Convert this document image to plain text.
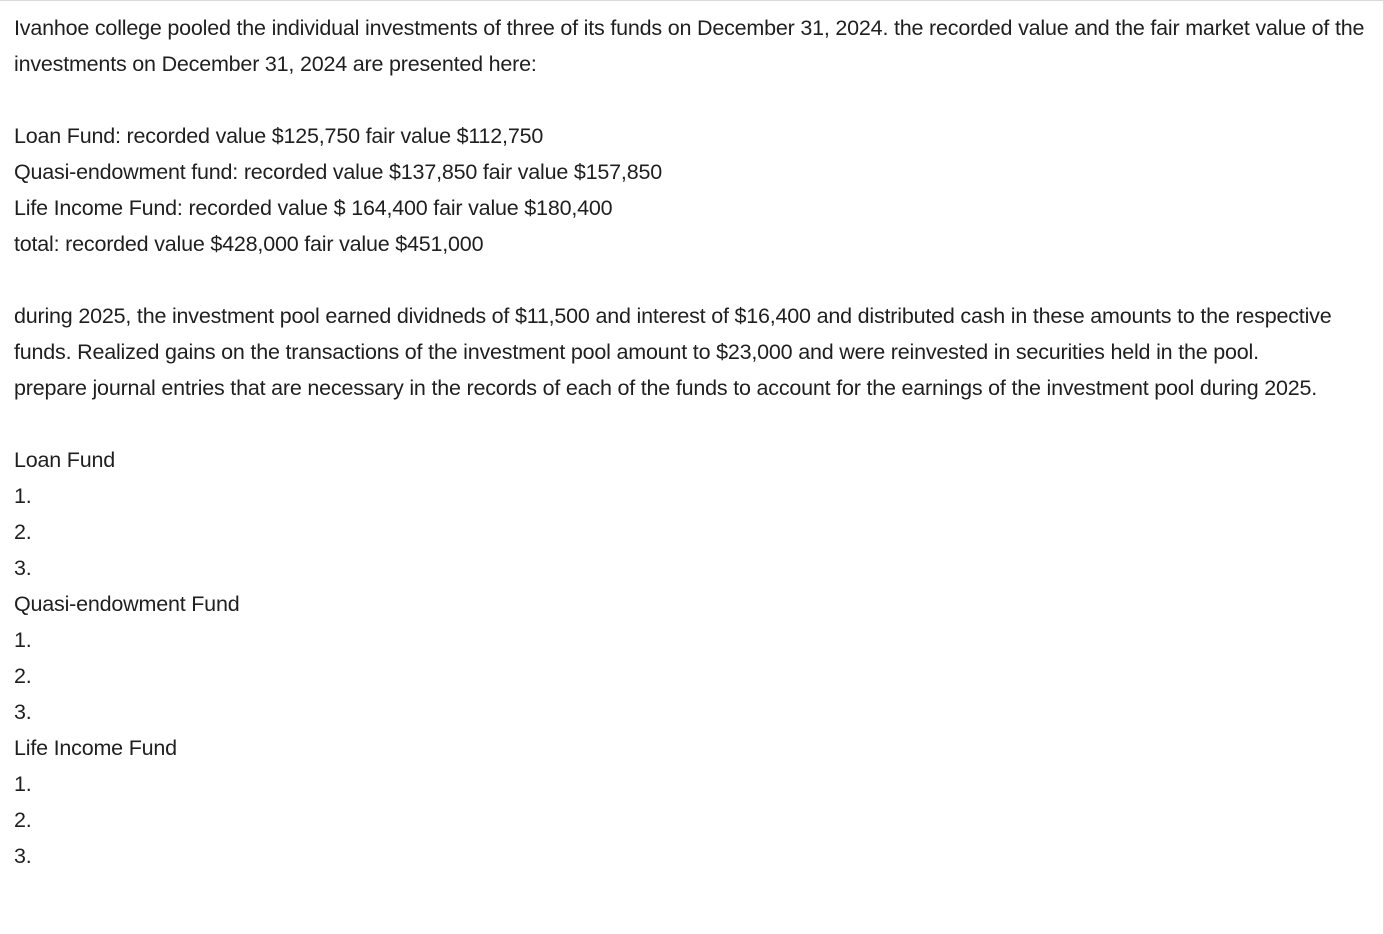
Ivanhoe college pooled the individual investments of three of its funds on December 31, 2024. the recorded value and the fair market value of the investments on December 31, 2024 are presented here:
Loan Fund: recorded value $125,750 fair value $112,750
Quasi-endowment fund: recorded value $137,850 fair value $157,850
Life Income Fund: recorded value $ 164,400 fair value $180,400
total: recorded value $428,000 fair value $451,000
during 2025, the investment pool earned dividneds of $11,500 and interest of $16,400 and distributed cash in these amounts to the respective funds. Realized gains on the transactions of the investment pool amount to $23,000 and were reinvested in securities held in the pool.
prepare journal entries that are necessary in the records of each of the funds to account for the earnings of the investment pool during 2025.
Loan Fund
1.
2.
3.
Quasi-endowment Fund
1.
2.
3.
Life Income Fund
1.
2.
3.
